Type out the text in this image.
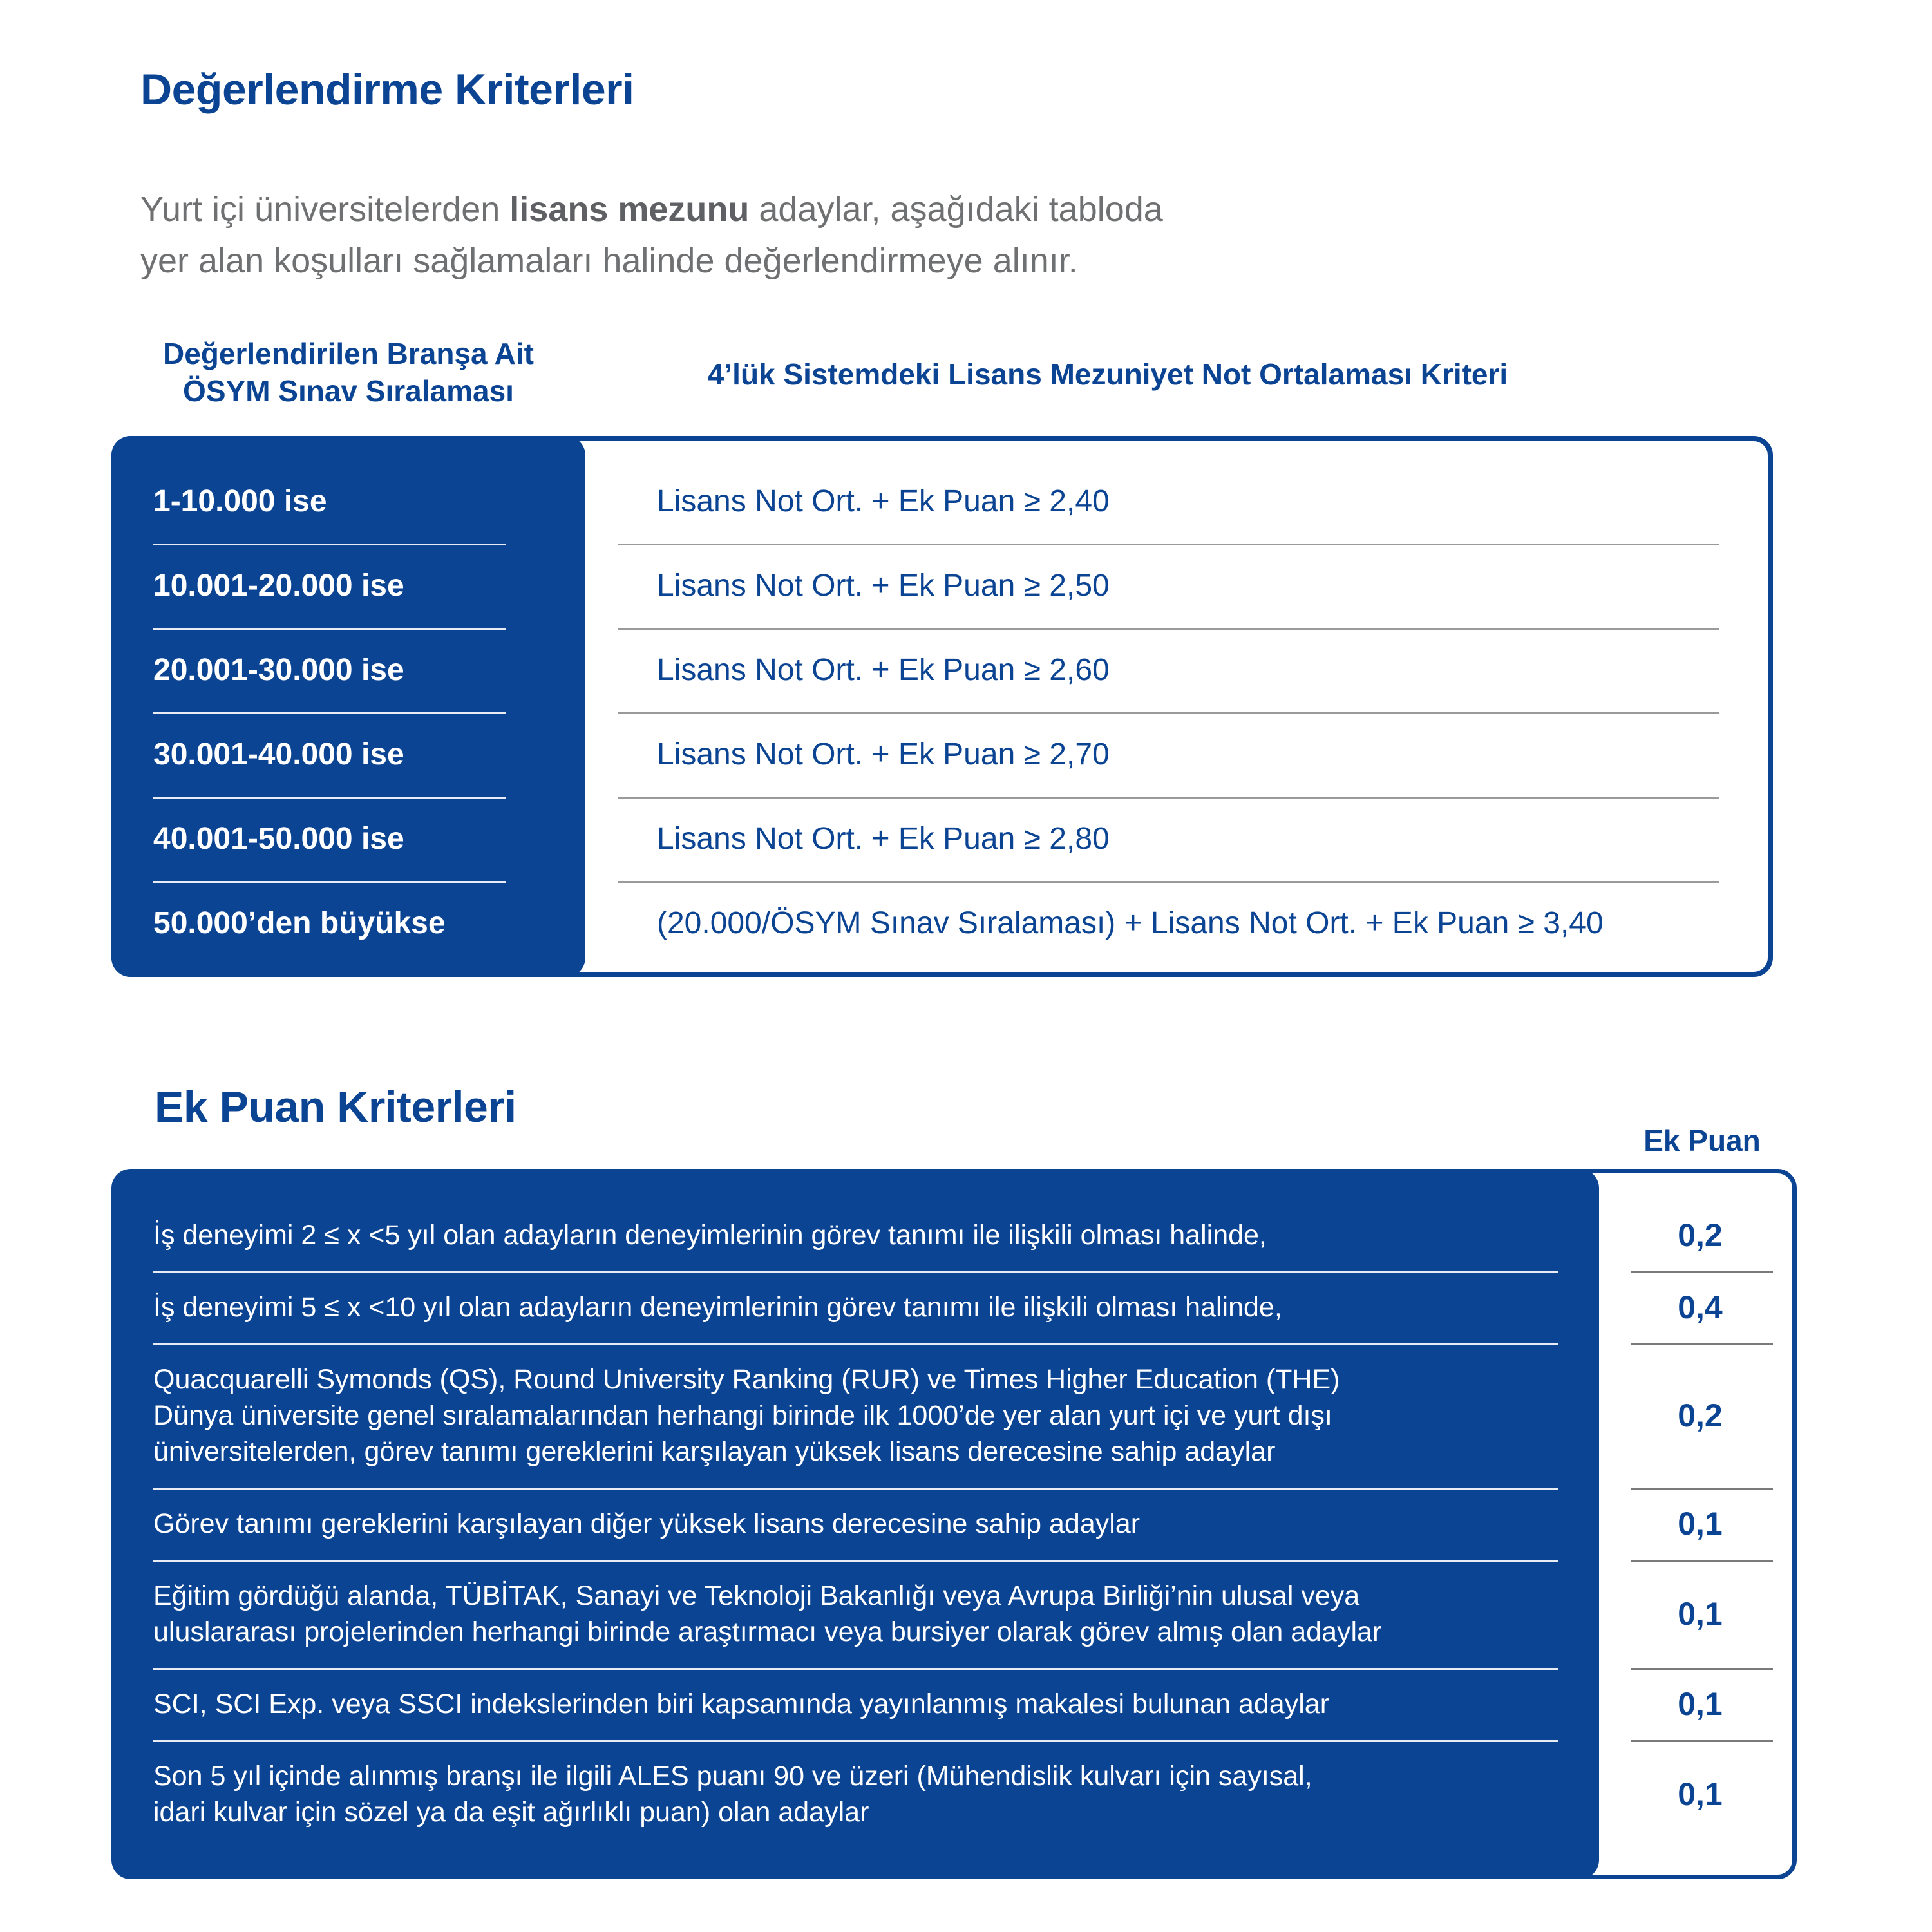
Değerlendirme Kriterleri
Yurt içi üniversitelerden lisans mezunu adaylar, aşağıdaki tabloda
yer alan koşulları sağlamaları halinde değerlendirmeye alınır.
Değerlendirilen Branşa Ait
ÖSYM Sınav Sıralaması	4’lük Sistemdeki Lisans Mezuniyet Not Ortalaması Kriteri
1-10.000 ise	Lisans Not Ort. + Ek Puan ≥ 2,40
10.001-20.000 ise	Lisans Not Ort. + Ek Puan ≥ 2,50
20.001-30.000 ise	Lisans Not Ort. + Ek Puan ≥ 2,60
30.001-40.000 ise	Lisans Not Ort. + Ek Puan ≥ 2,70
40.001-50.000 ise	Lisans Not Ort. + Ek Puan ≥ 2,80
50.000’den büyükse	(20.000/ÖSYM Sınav Sıralaması) + Lisans Not Ort. + Ek Puan ≥ 3,40
Ek Puan Kriterleri
Ek Puan
İş deneyimi 2 ≤ x <5 yıl olan adayların deneyimlerinin görev tanımı ile ilişkili olması halinde,	0,2
İş deneyimi 5 ≤ x <10 yıl olan adayların deneyimlerinin görev tanımı ile ilişkili olması halinde,	0,4
Quacquarelli Symonds (QS), Round University Ranking (RUR) ve Times Higher Education (THE)
Dünya üniversite genel sıralamalarından herhangi birinde ilk 1000’de yer alan yurt içi ve yurt dışı
üniversitelerden, görev tanımı gereklerini karşılayan yüksek lisans derecesine sahip adaylar
0,2
Görev tanımı gereklerini karşılayan diğer yüksek lisans derecesine sahip adaylar	0,1
Eğitim gördüğü alanda, TÜBİTAK, Sanayi ve Teknoloji Bakanlığı veya Avrupa Birliği’nin ulusal veya
uluslararası projelerinden herhangi birinde araştırmacı veya bursiyer olarak görev almış olan adaylar	0,1
SCI, SCI Exp. veya SSCI indekslerinden biri kapsamında yayınlanmış makalesi bulunan adaylar	0,1
Son 5 yıl içinde alınmış branşı ile ilgili ALES puanı 90 ve üzeri (Mühendislik kulvarı için sayısal,
idari kulvar için sözel ya da eşit ağırlıklı puan) olan adaylar	0,1
